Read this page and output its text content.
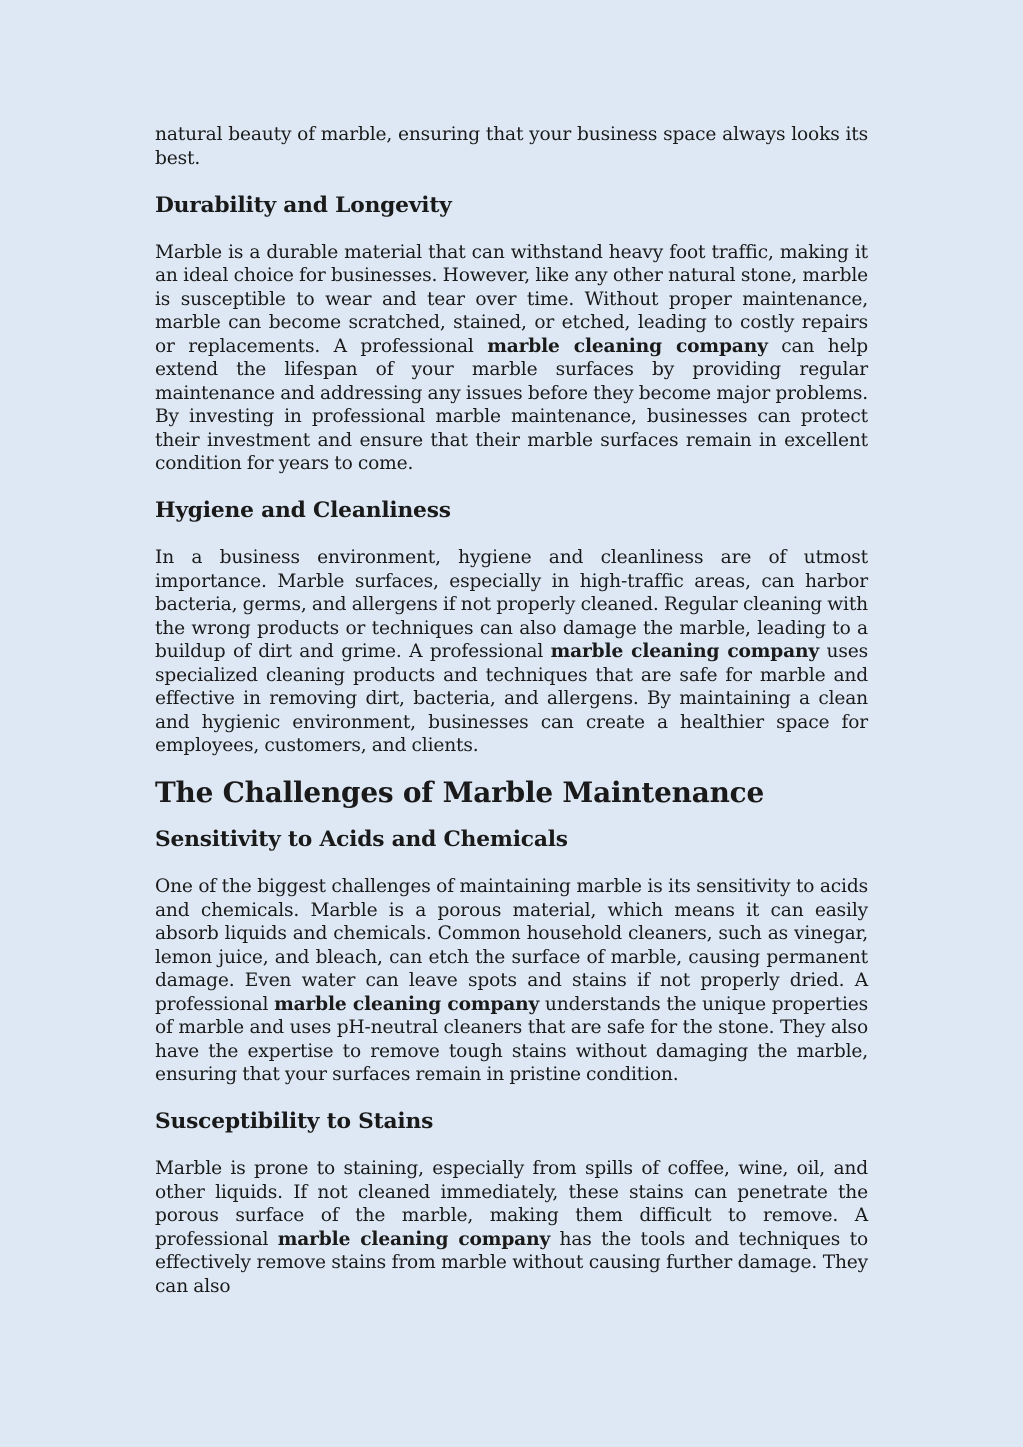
natural beauty of marble, ensuring that your business space always looks its best.

Durability and Longevity

Marble is a durable material that can withstand heavy foot traffic, making it an ideal choice for businesses. However, like any other natural stone, marble is susceptible to wear and tear over time. Without proper maintenance, marble can become scratched, stained, or etched, leading to costly repairs or replacements. A professional marble cleaning company can help extend the lifespan of your marble surfaces by providing regular maintenance and addressing any issues before they become major problems. By investing in professional marble maintenance, businesses can protect their investment and ensure that their marble surfaces remain in excellent condition for years to come.

Hygiene and Cleanliness

In a business environment, hygiene and cleanliness are of utmost importance. Marble surfaces, especially in high-traffic areas, can harbor bacteria, germs, and allergens if not properly cleaned. Regular cleaning with the wrong products or techniques can also damage the marble, leading to a buildup of dirt and grime. A professional marble cleaning company uses specialized cleaning products and techniques that are safe for marble and effective in removing dirt, bacteria, and allergens. By maintaining a clean and hygienic environment, businesses can create a healthier space for employees, customers, and clients.

The Challenges of Marble Maintenance
Sensitivity to Acids and Chemicals

One of the biggest challenges of maintaining marble is its sensitivity to acids and chemicals. Marble is a porous material, which means it can easily absorb liquids and chemicals. Common household cleaners, such as vinegar, lemon juice, and bleach, can etch the surface of marble, causing permanent damage. Even water can leave spots and stains if not properly dried. A professional marble cleaning company understands the unique properties of marble and uses pH-neutral cleaners that are safe for the stone. They also have the expertise to remove tough stains without damaging the marble, ensuring that your surfaces remain in pristine condition.

Susceptibility to Stains

Marble is prone to staining, especially from spills of coffee, wine, oil, and other liquids. If not cleaned immediately, these stains can penetrate the porous surface of the marble, making them difficult to remove. A professional marble cleaning company has the tools and techniques to effectively remove stains from marble without causing further damage. They can also
